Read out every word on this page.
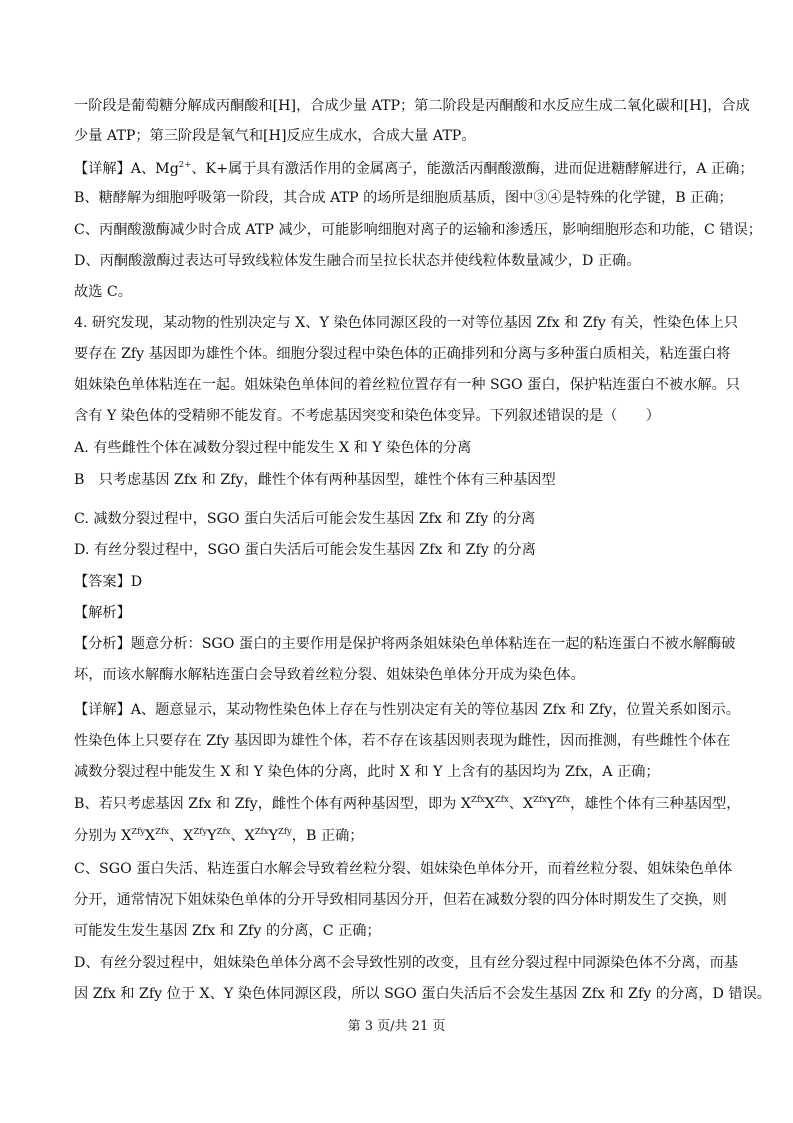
一阶段是葡萄糖分解成丙酮酸和[H]，合成少量 ATP；第二阶段是丙酮酸和水反应生成二氧化碳和[H]，合成
少量 ATP；第三阶段是氧气和[H]反应生成水，合成大量 ATP。
【详解】A、$Mg^{2+}$、K+属于具有激活作用的金属离子，能激活丙酮酸激酶，进而促进糖酵解进行，A 正确；
B、糖酵解为细胞呼吸第一阶段，其合成 ATP 的场所是细胞质基质，图中③④是特殊的化学键，B 正确；
C、丙酮酸激酶减少时合成 ATP 减少，可能影响细胞对离子的运输和渗透压，影响细胞形态和功能，C 错误；
D、丙酮酸激酶过表达可导致线粒体发生融合而呈拉长状态并使线粒体数量减少，D 正确。
故选 C。
4. 研究发现，某动物的性别决定与 X、Y 染色体同源区段的一对等位基因 Zfx 和 Zfy 有关，性染色体上只
要存在 Zfy 基因即为雄性个体。细胞分裂过程中染色体的正确排列和分离与多种蛋白质相关，粘连蛋白将
姐妹染色单体粘连在一起。姐妹染色单体间的着丝粒位置存有一种 SGO 蛋白，保护粘连蛋白不被水解。只
含有 Y 染色体的受精卵不能发育。不考虑基因突变和染色体变异。下列叙述错误的是（　　）
A. 有些雌性个体在减数分裂过程中能发生 X 和 Y 染色体的分离
B　只考虑基因 Zfx 和 Zfy，雌性个体有两种基因型，雄性个体有三种基因型
C. 减数分裂过程中，SGO 蛋白失活后可能会发生基因 Zfx 和 Zfy 的分离
D. 有丝分裂过程中，SGO 蛋白失活后可能会发生基因 Zfx 和 Zfy 的分离
【答案】D
【解析】
【分析】题意分析：SGO 蛋白的主要作用是保护将两条姐妹染色单体粘连在一起的粘连蛋白不被水解酶破
坏，而该水解酶水解粘连蛋白会导致着丝粒分裂、姐妹染色单体分开成为染色体。
【详解】A、题意显示，某动物性染色体上存在与性别决定有关的等位基因 Zfx 和 Zfy，位置关系如图示。
性染色体上只要存在 Zfy 基因即为雄性个体，若不存在该基因则表现为雌性，因而推测，有些雌性个体在
减数分裂过程中能发生 X 和 Y 染色体的分离，此时 X 和 Y 上含有的基因均为 Zfx，A 正确；
B、若只考虑基因 Zfx 和 Zfy，雌性个体有两种基因型，即为 $X^{Zfx}X^{Zfx}$、$X^{Zfx}Y^{Zfx}$，雄性个体有三种基因型，
分别为 $X^{Zfy}X^{Zfx}$、$X^{Zfy}Y^{Zfx}$、$X^{Zfx}Y^{Zfy}$，B 正确；
C、SGO 蛋白失活、粘连蛋白水解会导致着丝粒分裂、姐妹染色单体分开，而着丝粒分裂、姐妹染色单体
分开，通常情况下姐妹染色单体的分开导致相同基因分开，但若在减数分裂的四分体时期发生了交换，则
可能发生发生基因 Zfx 和 Zfy 的分离，C 正确；
D、有丝分裂过程中，姐妹染色单体分离不会导致性别的改变，且有丝分裂过程中同源染色体不分离，而基
因 Zfx 和 Zfy 位于 X、Y 染色体同源区段，所以 SGO 蛋白失活后不会发生基因 Zfx 和 Zfy 的分离，D 错误。
第 3 页/共 21 页
